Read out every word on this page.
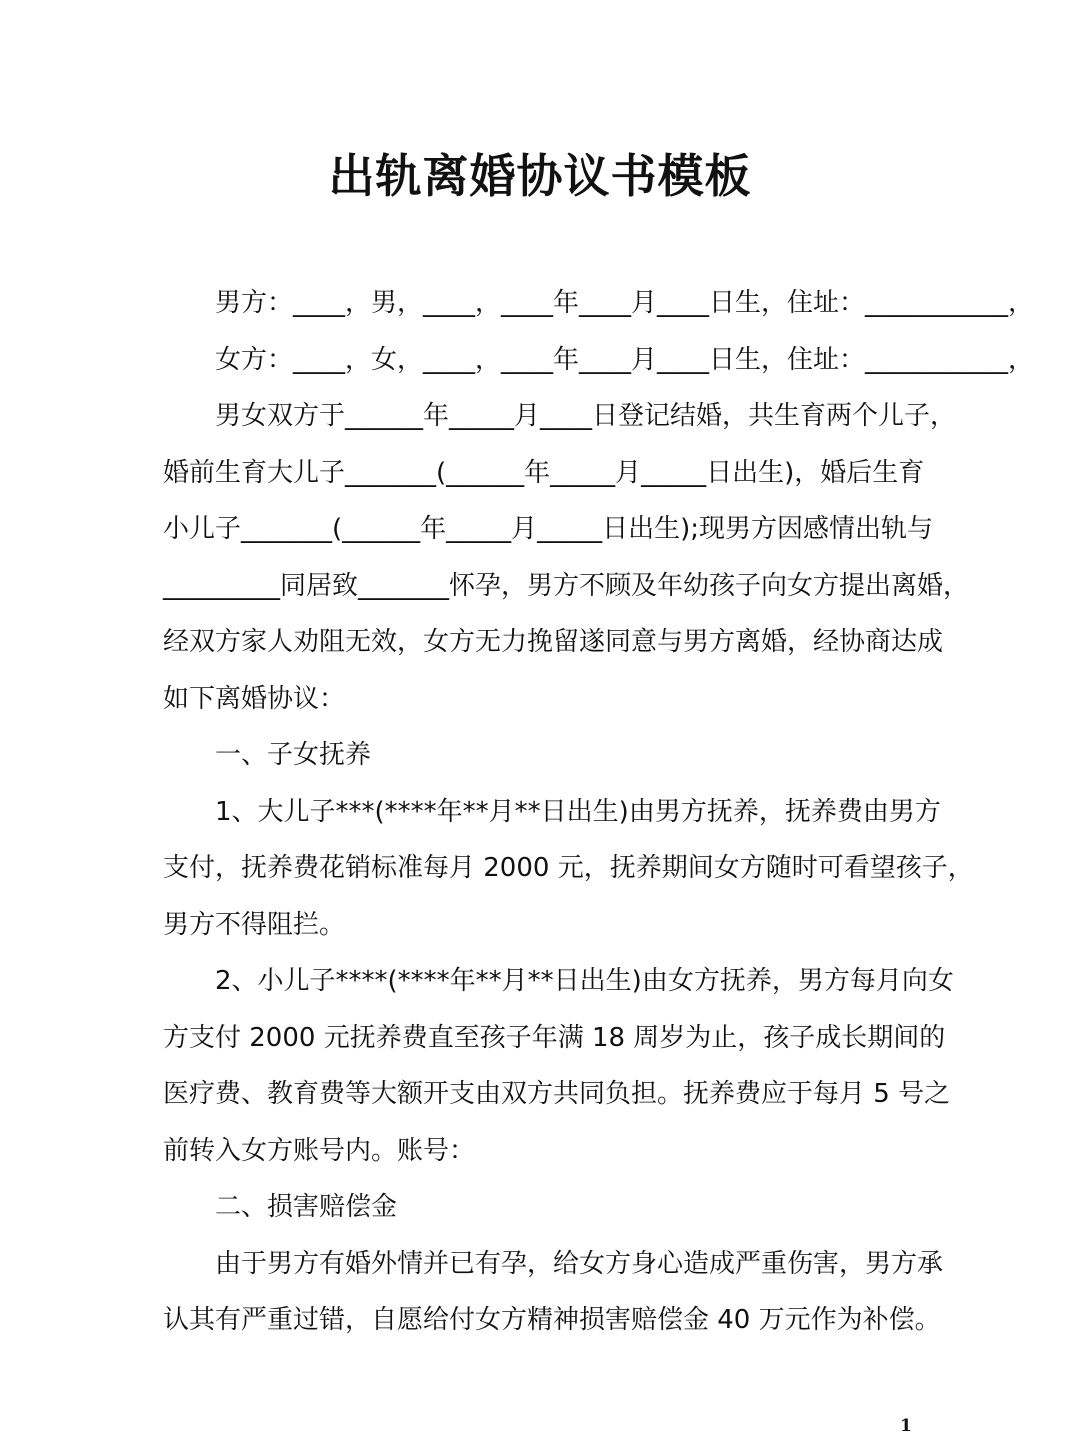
出轨离婚协议书模板
男方：____，男，____，____年____月____日生，住址：___________，
女方：____，女，____，____年____月____日生，住址：___________，
男女双方于______年_____月____日登记结婚，共生育两个儿子，
婚前生育大儿子_______(______年_____月_____日出生)，婚后生育
小儿子_______(______年_____月_____日出生);现男方因感情出轨与
_________同居致_______怀孕，男方不顾及年幼孩子向女方提出离婚，
经双方家人劝阻无效，女方无力挽留遂同意与男方离婚，经协商达成
如下离婚协议：
一、子女抚养
1、大儿子***(****年**月**日出生)由男方抚养，抚养费由男方
支付，抚养费花销标准每月 2000 元，抚养期间女方随时可看望孩子，
男方不得阻拦。
2、小儿子****(****年**月**日出生)由女方抚养，男方每月向女
方支付 2000 元抚养费直至孩子年满 18 周岁为止，孩子成长期间的
医疗费、教育费等大额开支由双方共同负担。抚养费应于每月 5 号之
前转入女方账号内。账号：
二、损害赔偿金
由于男方有婚外情并已有孕，给女方身心造成严重伤害，男方承
认其有严重过错，自愿给付女方精神损害赔偿金 40 万元作为补偿。
1
